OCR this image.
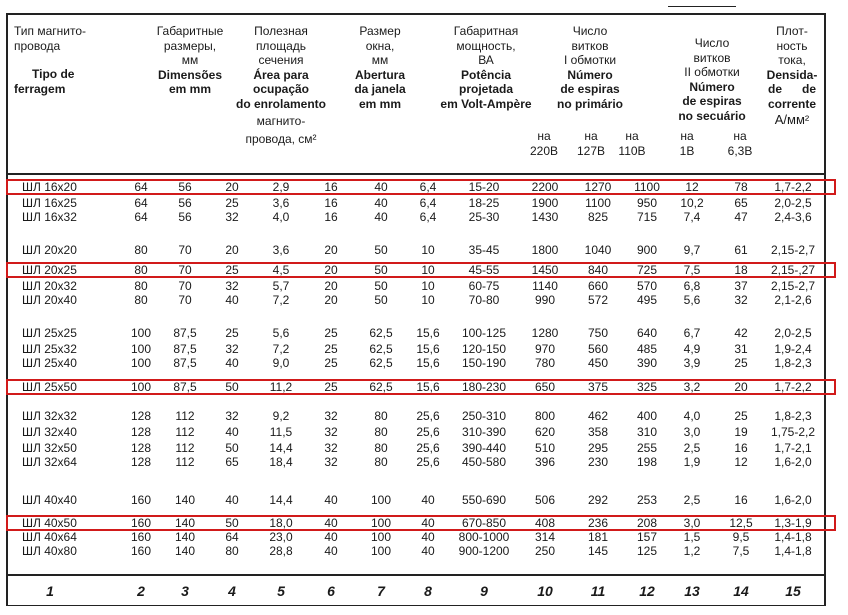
Тип магнито-
провода
Tipo de
ferragem
Габаритные
размеры,
мм
Dimensões
em mm
Полезная
площадь
сечения
Área para
ocupação
do enrolamento
магнито-
провода, см²
Размер
окна,
мм
Abertura
da janela
em mm
Габаритная
мощность,
ВА
Potência
projetada
em Volt-Ampère
Число
витков
I обмотки
Número
de espiras
no primário
на
220В
на
127В
на
110В
Число
витков
II обмотки
Número
de espiras
no secuário
на
1В
на
6,3В
Плот-
ность
тока,
Densida-
de      de
corrente
A/мм²
ШЛ 16x20	64	56	20	2,9	16	40	6,4	15-20	2200 1270 1100 12	78 1,7-2,2
ШЛ 16x25	64	56	25	3,6	16	40	6,4	18-25	1900 1100 950 10,2	65 2,0-2,5
ШЛ 16x32	64	56	32	4,0	16	40	6,4	25-30	1430 825 715 7,4	47 2,4-3,6
ШЛ 20x20	80	70	20	3,6	20	50	10	35-45	1800 1040 900 9,7	61 2,15-2,7
ШЛ 20x25	80	70	25	4,5	20	50	10	45-55	1450 840 725 7,5	18 2,15-,27
ШЛ 20x32	80	70	32	5,7	20	50	10	60-75	1140	660 570 6,8	37 2,15-2,7
ШЛ 20x40	80	70	40	7,2	20	50	10	70-80	990	572 495 5,6	32 2,1-2,6
ШЛ 25x25	100 87,5 25	5,6	25	62,5 15,6 100-125 1280 750 640 6,7	42 2,0-2,5
ШЛ 25x32	100 87,5 32	7,2	25	62,5 15,6 120-150 970	560 485 4,9	31 1,9-2,4
ШЛ 25x40	100 87,5 40	9,0	25	62,5 15,6 150-190 780	450 390 3,9	25 1,8-2,3
ШЛ 25x50	100 87,5 50	11,2	25	62,5 15,6 180-230 650	375 325 3,2	20 1,7-2,2
ШЛ 32x32	128 112	32	9,2	32	80 25,6 250-310 800	462 400 4,0	25 1,8-2,3
ШЛ 32x40	128 112	40	11,5	32	80 25,6 310-390 620	358 310 3,0	19 1,75-2,2
ШЛ 32x50	128 112	50	14,4	32	80 25,6 390-440 510	295 255 2,5	16 1,7-2,1
ШЛ 32x64	128 112	65	18,4	32	80 25,6 450-580 396	230 198 1,9	12 1,6-2,0
ШЛ 40x40	160 140	40	14,4	40	100	40 550-690 506	292 253 2,5	16 1,6-2,0
ШЛ 40x50	160 140	50	18,0	40	100	40 670-850 408	236 208 3,0 12,5 1,3-1,9
ШЛ 40x64	160 140	64	23,0	40	100	40 800-1000 314	181 157 1,5	9,5 1,4-1,8
ШЛ 40x80	160 140	80	28,8	40	100	40 900-1200 250	145 125 1,2	7,5 1,4-1,8
1	2	3	4	5	6	7	8	9	10	11 12 13 14	15
